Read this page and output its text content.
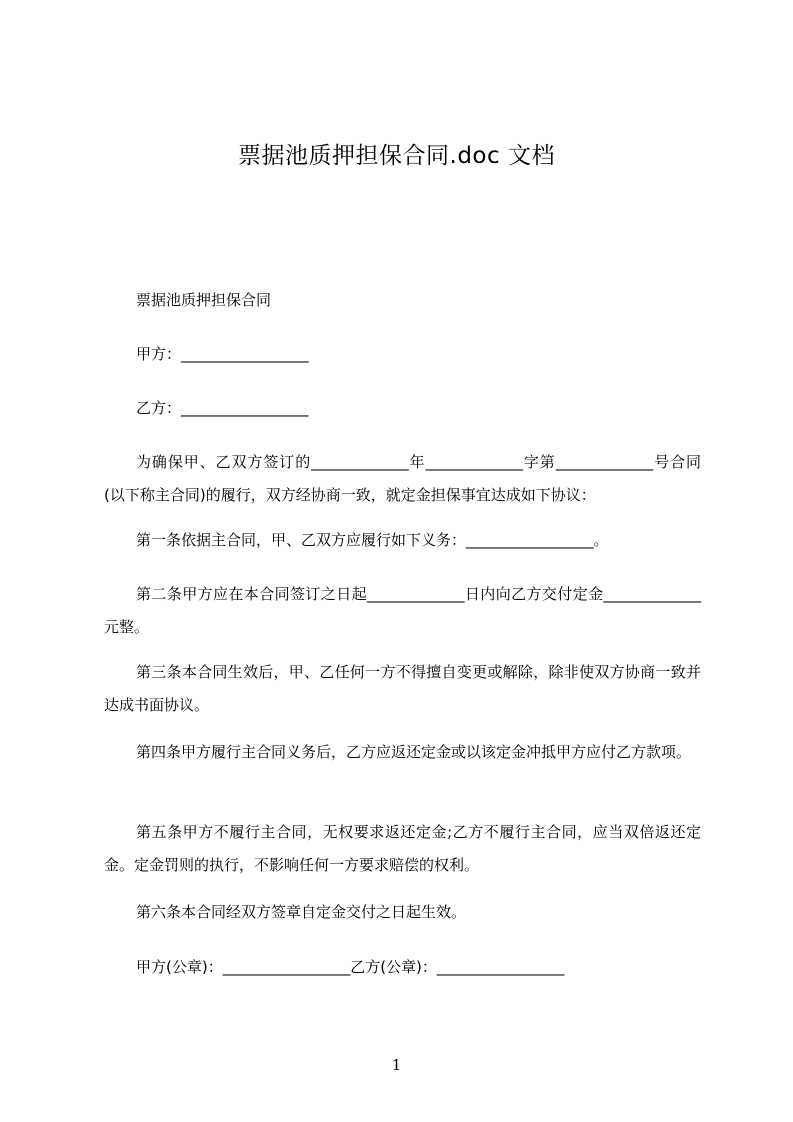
票据池质押担保合同.doc 文档

票据池质押担保合同

甲方：_________________

乙方：_________________

为确保甲、乙双方签订的_____________年_____________字第_____________号合同(以下称主合同)的履行，双方经协商一致，就定金担保事宜达成如下协议：

第一条依据主合同，甲、乙双方应履行如下义务：_________________。

第二条甲方应在本合同签订之日起_____________日内向乙方交付定金_____________元整。

第三条本合同生效后，甲、乙任何一方不得擅自变更或解除，除非使双方协商一致并达成书面协议。

第四条甲方履行主合同义务后，乙方应返还定金或以该定金冲抵甲方应付乙方款项。

第五条甲方不履行主合同，无权要求返还定金;乙方不履行主合同，应当双倍返还定金。定金罚则的执行，不影响任何一方要求赔偿的权利。

第六条本合同经双方签章自定金交付之日起生效。

甲方(公章)：_________________乙方(公章)：_________________

1
